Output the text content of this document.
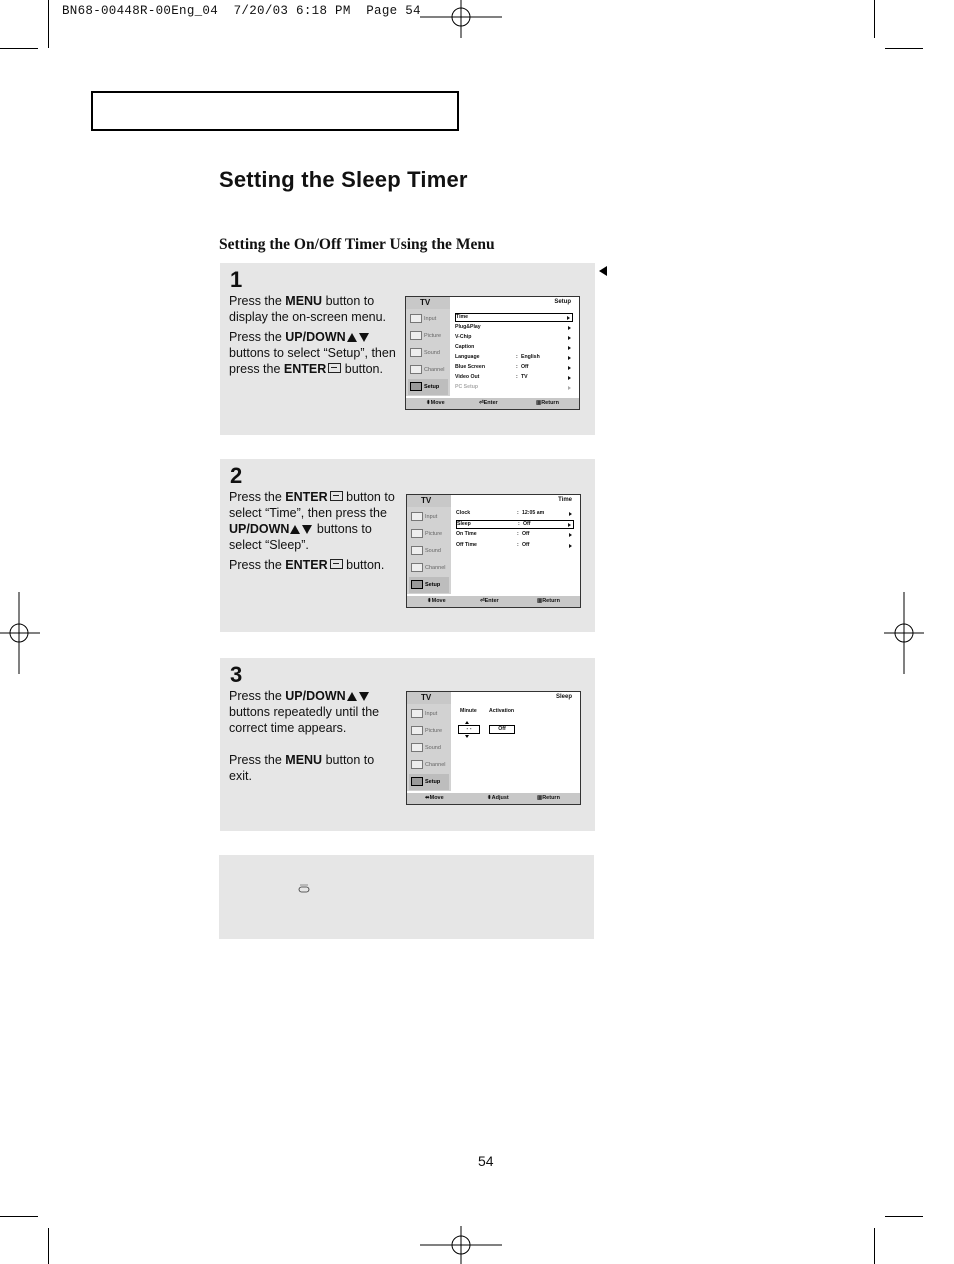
BN68-00448R-00Eng_04  7/20/03 6:18 PM  Page 54
Setting the Sleep Timer
Setting the On/Off Timer Using the Menu
1

Press the MENU button to display the on-screen menu.

Press the UP/DOWN buttons to select “Setup”, then press the ENTER button.

TV	Setup
Input
Picture
Sound
Channel
Setup
Time
Plug&Play
V-Chip
Caption
Language	: English
Blue Screen	: Off
Video Out	: TV
PC Setup
⬍ Move	⏎ Enter	▥ Return
2

Press the ENTER button to select “Time”, then press the UP/DOWN buttons to select “Sleep”.

Press the ENTER button.

TV	Time
Input
Picture
Sound
Channel
Setup
Clock	: 12:05 am
Sleep	: Off
On Time	: Off
Off Time	: Off
⬍ Move	⏎ Enter	▥ Return
3

Press the UP/DOWN buttons repeatedly until the correct time appears.

Press the MENU button to exit.

TV	Sleep
Input
Picture
Sound
Channel
Setup
Minute Activation
- -	Off
⬌ Move	⬍ Adjust	▥ Return
54
